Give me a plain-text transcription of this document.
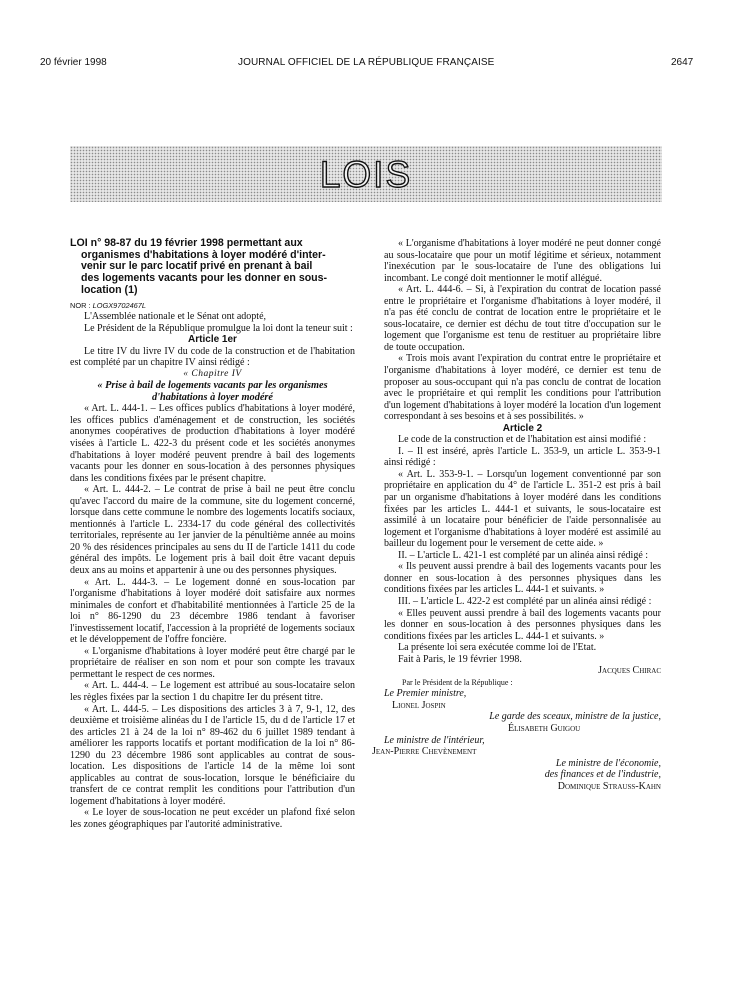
20 février 1998	JOURNAL OFFICIEL DE LA RÉPUBLIQUE FRANÇAISE	2647
LOIS
LOI n° 98-87 du 19 février 1998 permettant aux
organismes d'habitations à loyer modéré d'inter-
venir sur le parc locatif privé en prenant à bail
des logements vacants pour les donner en sous-
location (1)

NOR : LOGX9702467L

L'Assemblée nationale et le Sénat ont adopté,

Le Président de la République promulgue la loi dont la teneur suit :

Article 1er

Le titre IV du livre IV du code de la construction et de l'habitation est complété par un chapitre IV ainsi rédigé :

« Chapitre IV

« Prise à bail de logements vacants par les organismes d'habitations à loyer modéré

« Art. L. 444-1. – Les offices publics d'habitations à loyer modéré, les offices publics d'aménagement et de construction, les sociétés anonymes coopératives de production d'habitations à loyer modéré visées à l'article L. 422-3 du présent code et les sociétés anonymes d'habitations à loyer modéré peuvent prendre à bail des logements vacants pour les donner en sous-location à des personnes physiques dans les conditions fixées par le présent chapitre.

« Art. L. 444-2. – Le contrat de prise à bail ne peut être conclu qu'avec l'accord du maire de la commune, site du logement concerné, lorsque dans cette commune le nombre des logements locatifs sociaux, mentionnés à l'article L. 2334-17 du code général des collectivités territoriales, représente au 1er janvier de la pénultième année au moins 20 % des résidences principales au sens du II de l'article 1411 du code général des impôts. Le logement pris à bail doit être vacant depuis deux ans au moins et appartenir à une ou des personnes physiques.

« Art. L. 444-3. – Le logement donné en sous-location par l'organisme d'habitations à loyer modéré doit satisfaire aux normes minimales de confort et d'habitabilité mentionnées à l'article 25 de la loi n° 86-1290 du 23 décembre 1986 tendant à favoriser l'investissement locatif, l'accession à la propriété de logements sociaux et le développement de l'offre foncière.

« L'organisme d'habitations à loyer modéré peut être chargé par le propriétaire de réaliser en son nom et pour son compte les travaux permettant le respect de ces normes.

« Art. L. 444-4. – Le logement est attribué au sous-locataire selon les règles fixées par la section 1 du chapitre Ier du présent titre.

« Art. L. 444-5. – Les dispositions des articles 3 à 7, 9-1, 12, des deuxième et troisième alinéas du I de l'article 15, du d de l'article 17 et des articles 21 à 24 de la loi n° 89-462 du 6 juillet 1989 tendant à améliorer les rapports locatifs et portant modification de la loi n° 86-1290 du 23 décembre 1986 sont applicables au contrat de sous-location. Les dispositions de l'article 14 de la même loi sont applicables au contrat de sous-location, lorsque le bénéficiaire du transfert de ce contrat remplit les conditions pour l'attribution d'un logement d'habitations à loyer modéré.

« Le loyer de sous-location ne peut excéder un plafond fixé selon les zones géographiques par l'autorité administrative.

« L'organisme d'habitations à loyer modéré ne peut donner congé au sous-locataire que pour un motif légitime et sérieux, notamment l'inexécution par le sous-locataire de l'une des obligations lui incombant. Le congé doit mentionner le motif allégué.

« Art. L. 444-6. – Si, à l'expiration du contrat de location passé entre le propriétaire et l'organisme d'habitations à loyer modéré, il n'a pas été conclu de contrat de location entre le propriétaire et le sous-locataire, ce dernier est déchu de tout titre d'occupation sur le logement que l'organisme est tenu de restituer au propriétaire libre de toute occupation.

« Trois mois avant l'expiration du contrat entre le propriétaire et l'organisme d'habitations à loyer modéré, ce dernier est tenu de proposer au sous-occupant qui n'a pas conclu de contrat de location avec le propriétaire et qui remplit les conditions pour l'attribution d'un logement d'habitations à loyer modéré la location d'un logement correspondant à ses besoins et à ses possibilités. »

Article 2

Le code de la construction et de l'habitation est ainsi modifié :

I. – Il est inséré, après l'article L. 353-9, un article L. 353-9-1 ainsi rédigé :

« Art. L. 353-9-1. – Lorsqu'un logement conventionné par son propriétaire en application du 4° de l'article L. 351-2 est pris à bail par un organisme d'habitations à loyer modéré dans les conditions fixées par les articles L. 444-1 et suivants, le sous-locataire est assimilé à un locataire pour bénéficier de l'aide personnalisée au logement et l'organisme d'habitations à loyer modéré est assimilé au bailleur du logement pour le versement de cette aide. »

II. – L'article L. 421-1 est complété par un alinéa ainsi rédigé :

« Ils peuvent aussi prendre à bail des logements vacants pour les donner en sous-location à des personnes physiques dans les conditions fixées par les articles L. 444-1 et suivants. »

III. – L'article L. 422-2 est complété par un alinéa ainsi rédigé :

« Elles peuvent aussi prendre à bail des logements vacants pour les donner en sous-location à des personnes physiques dans les conditions fixées par les articles L. 444-1 et suivants. »

La présente loi sera exécutée comme loi de l'Etat.

Fait à Paris, le 19 février 1998.

Jacques Chirac

Par le Président de la République :

Le Premier ministre,

Lionel Jospin

Le garde des sceaux, ministre de la justice,

Élisabeth Guigou

Le ministre de l'intérieur,

Jean-Pierre Chevènement

Le ministre de l'économie,

des finances et de l'industrie,

Dominique Strauss-Kahn
